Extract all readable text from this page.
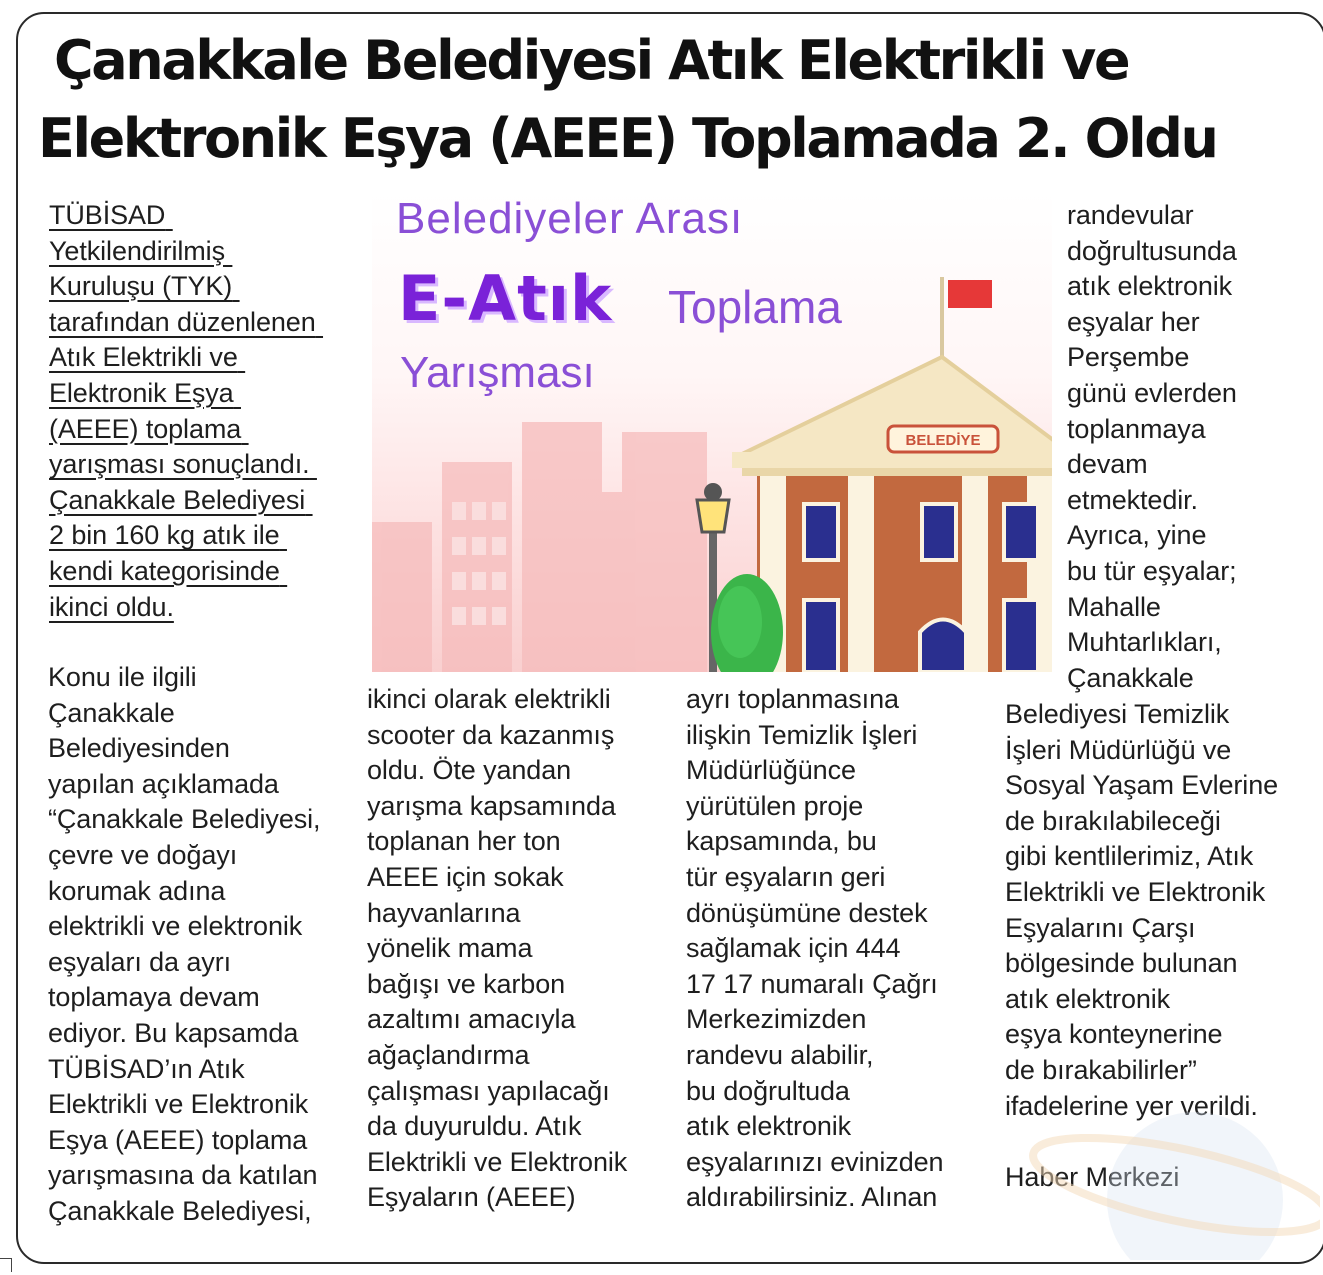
Çanakkale Belediyesi Atık Elektrikli ve
Elektronik Eşya (AEEE) Toplamada 2. Oldu
BELEDİYE
Belediyeler Arası
E-Atık Toplama
Yarışması
TÜBİSAD
Yetkilendirilmiş
Kuruluşu (TYK)
tarafından düzenlenen
Atık Elektrikli ve
Elektronik Eşya
(AEEE) toplama
yarışması sonuçlandı.
Çanakkale Belediyesi
2 bin 160 kg atık ile
kendi kategorisinde
ikinci oldu.
Konu ile ilgili
Çanakkale
Belediyesinden
yapılan açıklamada
“Çanakkale Belediyesi,
çevre ve doğayı
korumak adına
elektrikli ve elektronik
eşyaları da ayrı
toplamaya devam
ediyor. Bu kapsamda
TÜBİSAD’ın Atık
Elektrikli ve Elektronik
Eşya (AEEE) toplama
yarışmasına da katılan
Çanakkale Belediyesi,
ikinci olarak elektrikli
scooter da kazanmış
oldu. Öte yandan
yarışma kapsamında
toplanan her ton
AEEE için sokak
hayvanlarına
yönelik mama
bağışı ve karbon
azaltımı amacıyla
ağaçlandırma
çalışması yapılacağı
da duyuruldu. Atık
Elektrikli ve Elektronik
Eşyaların (AEEE)
ayrı toplanmasına
ilişkin Temizlik İşleri
Müdürlüğünce
yürütülen proje
kapsamında, bu
tür eşyaların geri
dönüşümüne destek
sağlamak için 444
17 17 numaralı Çağrı
Merkezimizden
randevu alabilir,
bu doğrultuda
atık elektronik
eşyalarınızı evinizden
aldırabilirsiniz. Alınan
randevular
doğrultusunda
atık elektronik
eşyalar her
Perşembe
günü evlerden
toplanmaya
devam
etmektedir.
Ayrıca, yine
bu tür eşyalar;
Mahalle
Muhtarlıkları,
Çanakkale
Belediyesi Temizlik
İşleri Müdürlüğü ve
Sosyal Yaşam Evlerine
de bırakılabileceği
gibi kentlilerimiz, Atık
Elektrikli ve Elektronik
Eşyalarını Çarşı
bölgesinde bulunan
atık elektronik
eşya konteynerine
de bırakabilirler”
ifadelerine yer verildi.
Haber Merkezi
